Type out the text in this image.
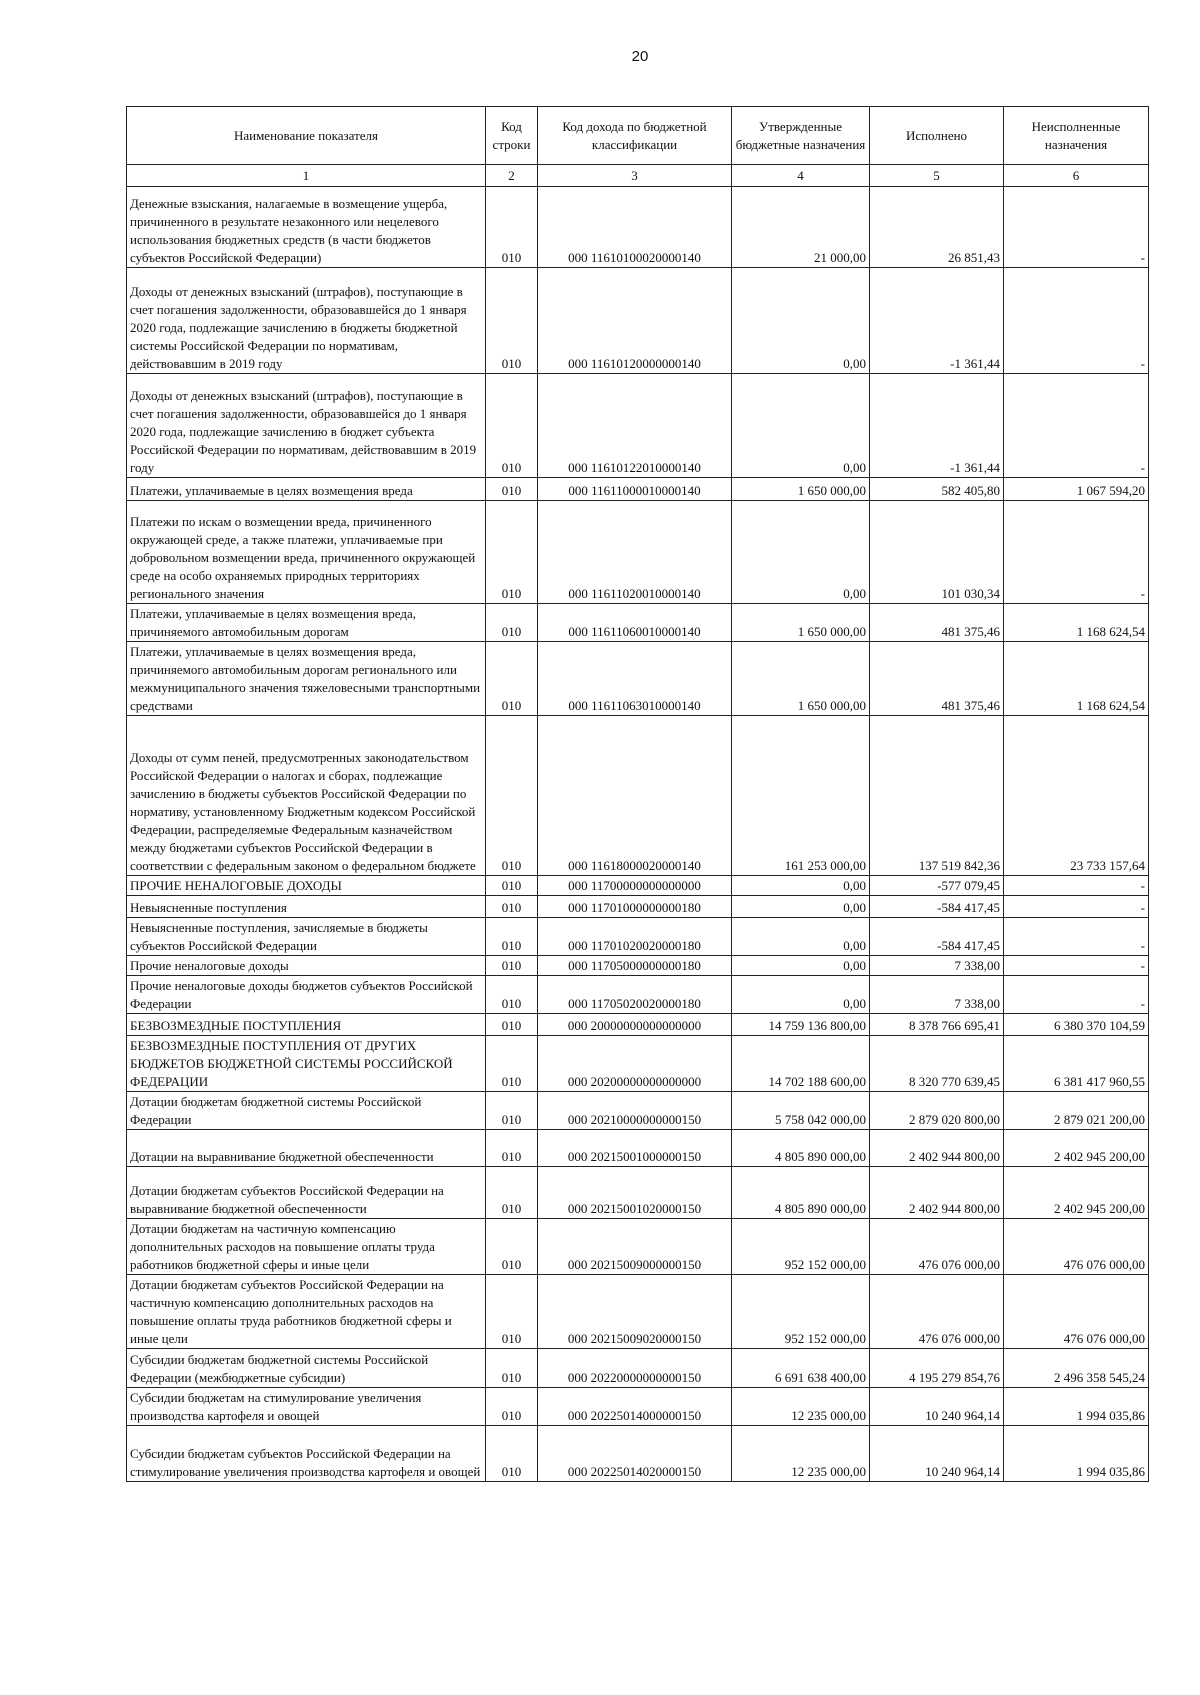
20
Наименование показателя	Код строки	Код дохода по бюджетной классификации	Утвержденные бюджетные назначения	Исполнено	Неисполненные назначения
1	2	3	4	5	6
Денежные взыскания, налагаемые в возмещение ущерба, причиненного в результате незаконного или нецелевого использования бюджетных средств (в части бюджетов субъектов Российской Федерации)	010	000 11610100020000140	21 000,00	26 851,43	-
Доходы от денежных взысканий (штрафов), поступающие в счет погашения задолженности, образовавшейся до 1 января 2020 года, подлежащие зачислению в бюджеты бюджетной системы Российской Федерации по нормативам, действовавшим в 2019 году	010	000 11610120000000140	0,00	-1 361,44	-
Доходы от денежных взысканий (штрафов), поступающие в счет погашения задолженности, образовавшейся до 1 января 2020 года, подлежащие зачислению в бюджет субъекта Российской Федерации по нормативам, действовавшим в 2019 году	010	000 11610122010000140	0,00	-1 361,44	-
Платежи, уплачиваемые в целях возмещения вреда	010	000 11611000010000140	1 650 000,00	582 405,80	1 067 594,20
Платежи по искам о возмещении вреда, причиненного окружающей среде, а также платежи, уплачиваемые при добровольном возмещении вреда, причиненного окружающей среде на особо охраняемых природных территориях регионального значения	010	000 11611020010000140	0,00	101 030,34	-
Платежи, уплачиваемые в целях возмещения вреда, причиняемого автомобильным дорогам	010	000 11611060010000140	1 650 000,00	481 375,46	1 168 624,54
Платежи, уплачиваемые в целях возмещения вреда, причиняемого автомобильным дорогам регионального или межмуниципального значения тяжеловесными транспортными средствами	010	000 11611063010000140	1 650 000,00	481 375,46	1 168 624,54
Доходы от сумм пеней, предусмотренных законодательством Российской Федерации о налогах и сборах, подлежащие зачислению в бюджеты субъектов Российской Федерации по нормативу, установленному Бюджетным кодексом Российской Федерации, распределяемые Федеральным казначейством между бюджетами субъектов Российской Федерации в соответствии с федеральным законом о федеральном бюджете	010	000 11618000020000140	161 253 000,00	137 519 842,36	23 733 157,64
ПРОЧИЕ НЕНАЛОГОВЫЕ ДОХОДЫ	010	000 11700000000000000	0,00	-577 079,45	-
Невыясненные поступления	010	000 11701000000000180	0,00	-584 417,45	-
Невыясненные поступления, зачисляемые в бюджеты субъектов Российской Федерации	010	000 11701020020000180	0,00	-584 417,45	-
Прочие неналоговые доходы	010	000 11705000000000180	0,00	7 338,00	-
Прочие неналоговые доходы бюджетов субъектов Российской Федерации	010	000 11705020020000180	0,00	7 338,00	-
БЕЗВОЗМЕЗДНЫЕ ПОСТУПЛЕНИЯ	010	000 20000000000000000	14 759 136 800,00	8 378 766 695,41	6 380 370 104,59
БЕЗВОЗМЕЗДНЫЕ ПОСТУПЛЕНИЯ ОТ ДРУГИХ БЮДЖЕТОВ БЮДЖЕТНОЙ СИСТЕМЫ РОССИЙСКОЙ ФЕДЕРАЦИИ	010	000 20200000000000000	14 702 188 600,00	8 320 770 639,45	6 381 417 960,55
Дотации бюджетам бюджетной системы Российской Федерации	010	000 20210000000000150	5 758 042 000,00	2 879 020 800,00	2 879 021 200,00
Дотации на выравнивание бюджетной обеспеченности	010	000 20215001000000150	4 805 890 000,00	2 402 944 800,00	2 402 945 200,00
Дотации бюджетам субъектов Российской Федерации на выравнивание бюджетной обеспеченности	010	000 20215001020000150	4 805 890 000,00	2 402 944 800,00	2 402 945 200,00
Дотации бюджетам на частичную компенсацию дополнительных расходов на повышение оплаты труда работников бюджетной сферы и иные цели	010	000 20215009000000150	952 152 000,00	476 076 000,00	476 076 000,00
Дотации бюджетам субъектов Российской Федерации на частичную компенсацию дополнительных расходов на повышение оплаты труда работников бюджетной сферы и иные цели	010	000 20215009020000150	952 152 000,00	476 076 000,00	476 076 000,00
Субсидии бюджетам бюджетной системы Российской Федерации (межбюджетные субсидии)	010	000 20220000000000150	6 691 638 400,00	4 195 279 854,76	2 496 358 545,24
Субсидии бюджетам на стимулирование увеличения производства картофеля и овощей	010	000 20225014000000150	12 235 000,00	10 240 964,14	1 994 035,86
Субсидии бюджетам субъектов Российской Федерации на стимулирование увеличения производства картофеля и овощей	010	000 20225014020000150	12 235 000,00	10 240 964,14	1 994 035,86
